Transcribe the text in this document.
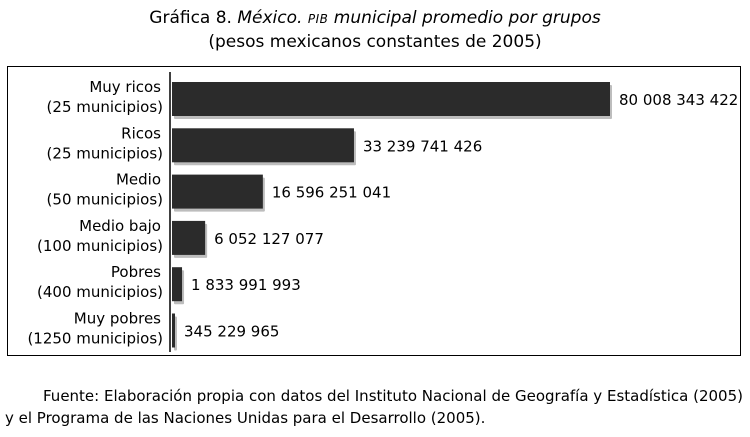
Gráfica 8. México. PIB municipal promedio por grupos
(pesos mexicanos constantes de 2005)
80 008 343 422
Muy ricos
(25 municipios)
33 239 741 426
Ricos
(25 municipios)
16 596 251 041
Medio
(50 municipios)
6 052 127 077
Medio bajo
(100 municipios)
1 833 991 993
Pobres
(400 municipios)
345 229 965
Muy pobres
(1250 municipios)
Fuente: Elaboración propia con datos del Instituto Nacional de Geografía y Estadística (2005) y el Programa de las Naciones Unidas para el Desarrollo (2005).
